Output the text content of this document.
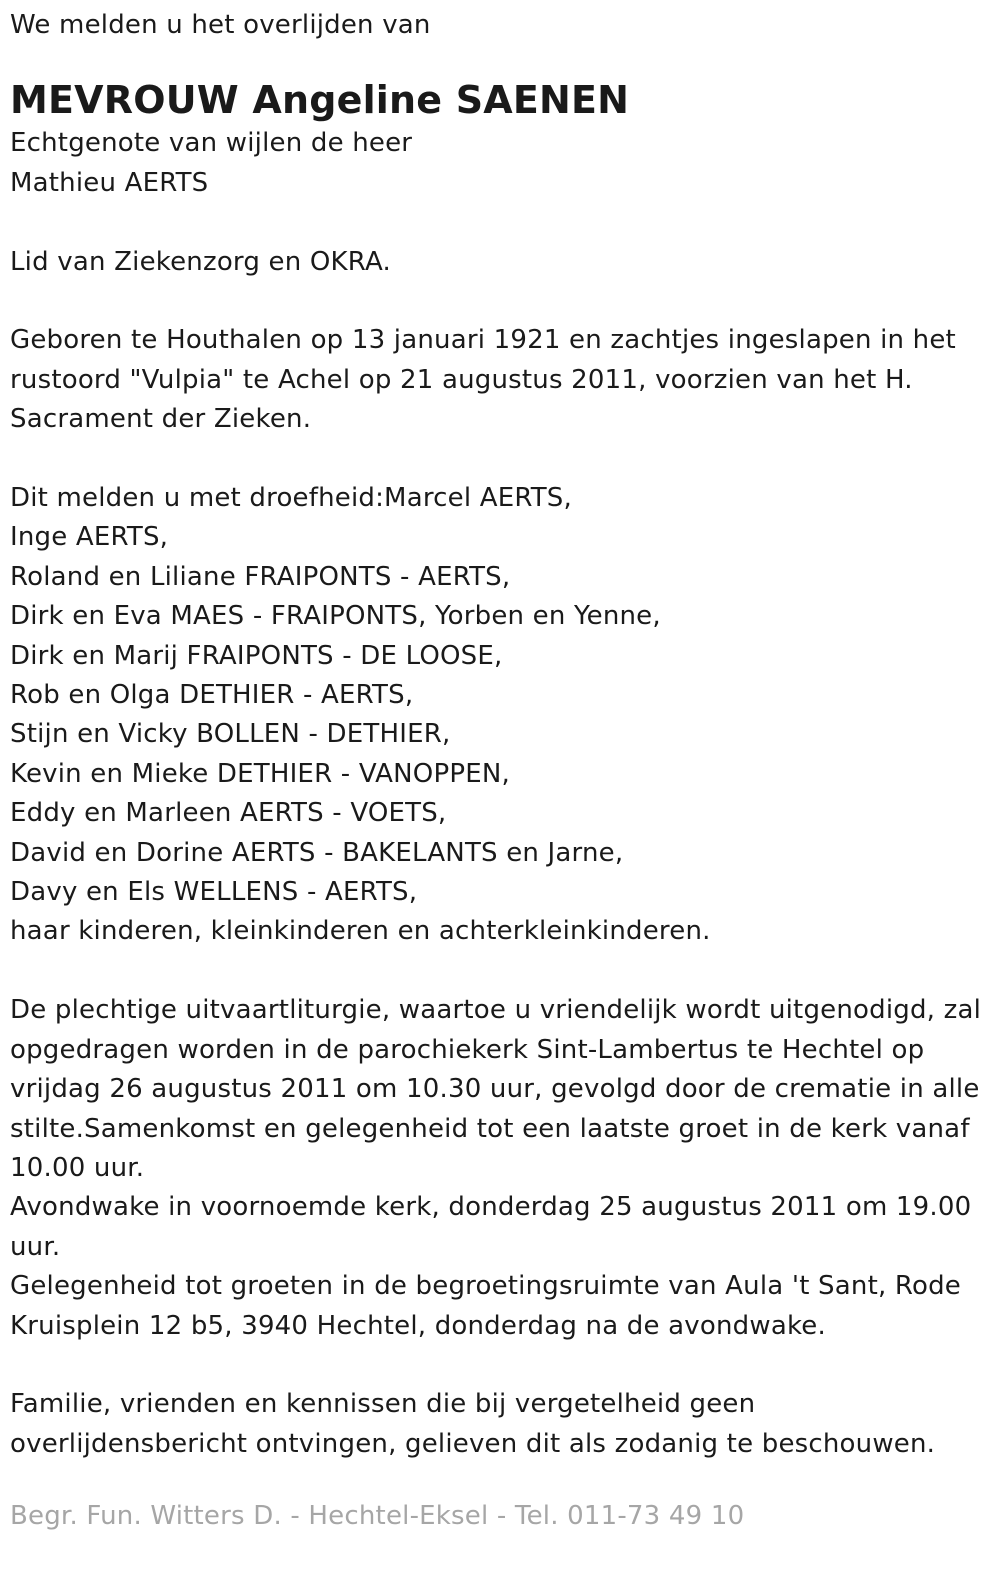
We melden u het overlijden van
MEVROUW Angeline SAENEN
Echtgenote van wijlen de heer
Mathieu AERTS
Lid van Ziekenzorg en OKRA.
Geboren te Houthalen op 13 januari 1921 en zachtjes ingeslapen in het
rustoord "Vulpia" te Achel op 21 augustus 2011, voorzien van het H.
Sacrament der Zieken.
Dit melden u met droefheid:Marcel AERTS,
Inge AERTS,
Roland en Liliane FRAIPONTS - AERTS,
Dirk en Eva MAES - FRAIPONTS, Yorben en Yenne,
Dirk en Marij FRAIPONTS - DE LOOSE,
Rob en Olga DETHIER - AERTS,
Stijn en Vicky BOLLEN - DETHIER,
Kevin en Mieke DETHIER - VANOPPEN,
Eddy en Marleen AERTS - VOETS,
David en Dorine AERTS - BAKELANTS en Jarne,
Davy en Els WELLENS - AERTS,
haar kinderen, kleinkinderen en achterkleinkinderen.
De plechtige uitvaartliturgie, waartoe u vriendelijk wordt uitgenodigd, zal
opgedragen worden in de parochiekerk Sint-Lambertus te Hechtel op
vrijdag 26 augustus 2011 om 10.30 uur, gevolgd door de crematie in alle
stilte.Samenkomst en gelegenheid tot een laatste groet in de kerk vanaf
10.00 uur.
Avondwake in voornoemde kerk, donderdag 25 augustus 2011 om 19.00
uur.
Gelegenheid tot groeten in de begroetingsruimte van Aula 't Sant, Rode
Kruisplein 12 b5, 3940 Hechtel, donderdag na de avondwake.
Familie, vrienden en kennissen die bij vergetelheid geen
overlijdensbericht ontvingen, gelieven dit als zodanig te beschouwen.
Begr. Fun. Witters D. - Hechtel-Eksel - Tel. 011-73 49 10
